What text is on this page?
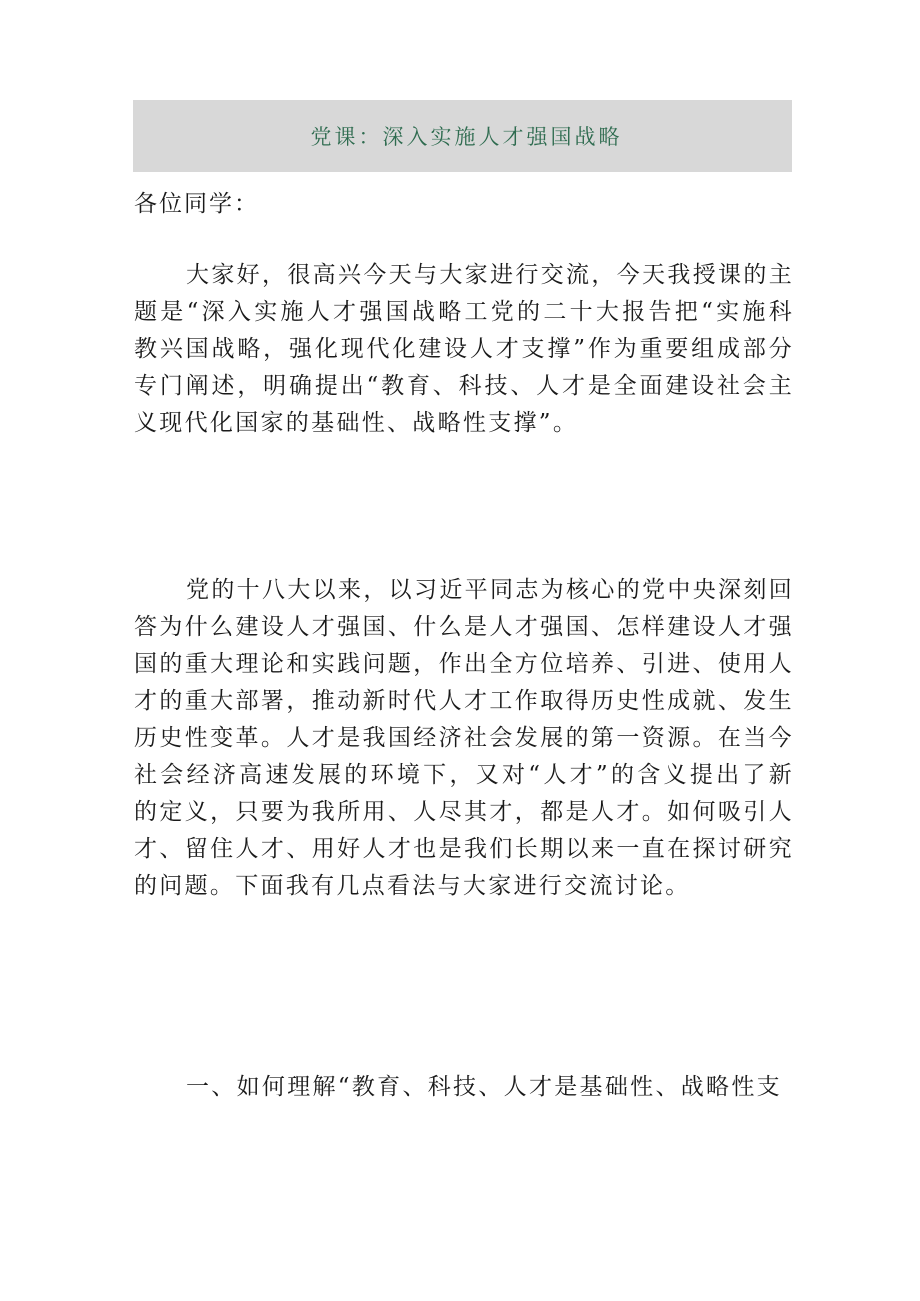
党课：深入实施人才强国战略
各位同学：

大家好，很高兴今天与大家进行交流，今天我授课的主题是“深入实施人才强国战略工党的二十大报告把“实施科教兴国战略，强化现代化建设人才支撑”作为重要组成部分专门阐述，明确提出“教育、科技、人才是全面建设社会主义现代化国家的基础性、战略性支撑”。

党的十八大以来，以习近平同志为核心的党中央深刻回答为什么建设人才强国、什么是人才强国、怎样建设人才强国的重大理论和实践问题，作出全方位培养、引进、使用人才的重大部署，推动新时代人才工作取得历史性成就、发生历史性变革。人才是我国经济社会发展的第一资源。在当今社会经济高速发展的环境下，又对“人才”的含义提出了新的定义，只要为我所用、人尽其才，都是人才。如何吸引人才、留住人才、用好人才也是我们长期以来一直在探讨研究的问题。下面我有几点看法与大家进行交流讨论。

一、如何理解“教育、科技、人才是基础性、战略性支
